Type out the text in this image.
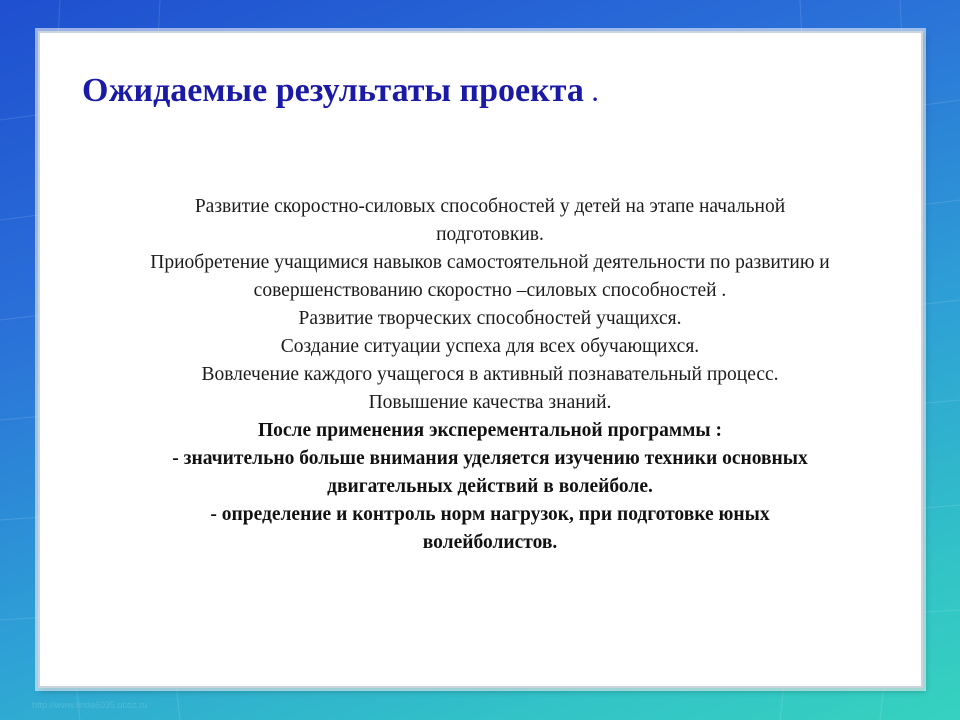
Ожидаемые результаты проекта .
Развитие скоростно-силовых способностей у детей на этапе начальной
подготовкив.
Приобретение учащимися навыков самостоятельной деятельности по развитию и
совершенствованию скоростно –силовых способностей .
Развитие творческих способностей учащихся.
Создание ситуации успеха для всех обучающихся.
Вовлечение каждого учащегося в активный познавательный процесс.
Повышение качества знаний.
После применения эксперементальной программы :
- значительно больше внимания уделяется изучению техники основных
двигательных действий в волейболе.
- определение и контроль норм нагрузок, при подготовке юных
волейболистов.
http://www.linda6035.ucoz.ru
